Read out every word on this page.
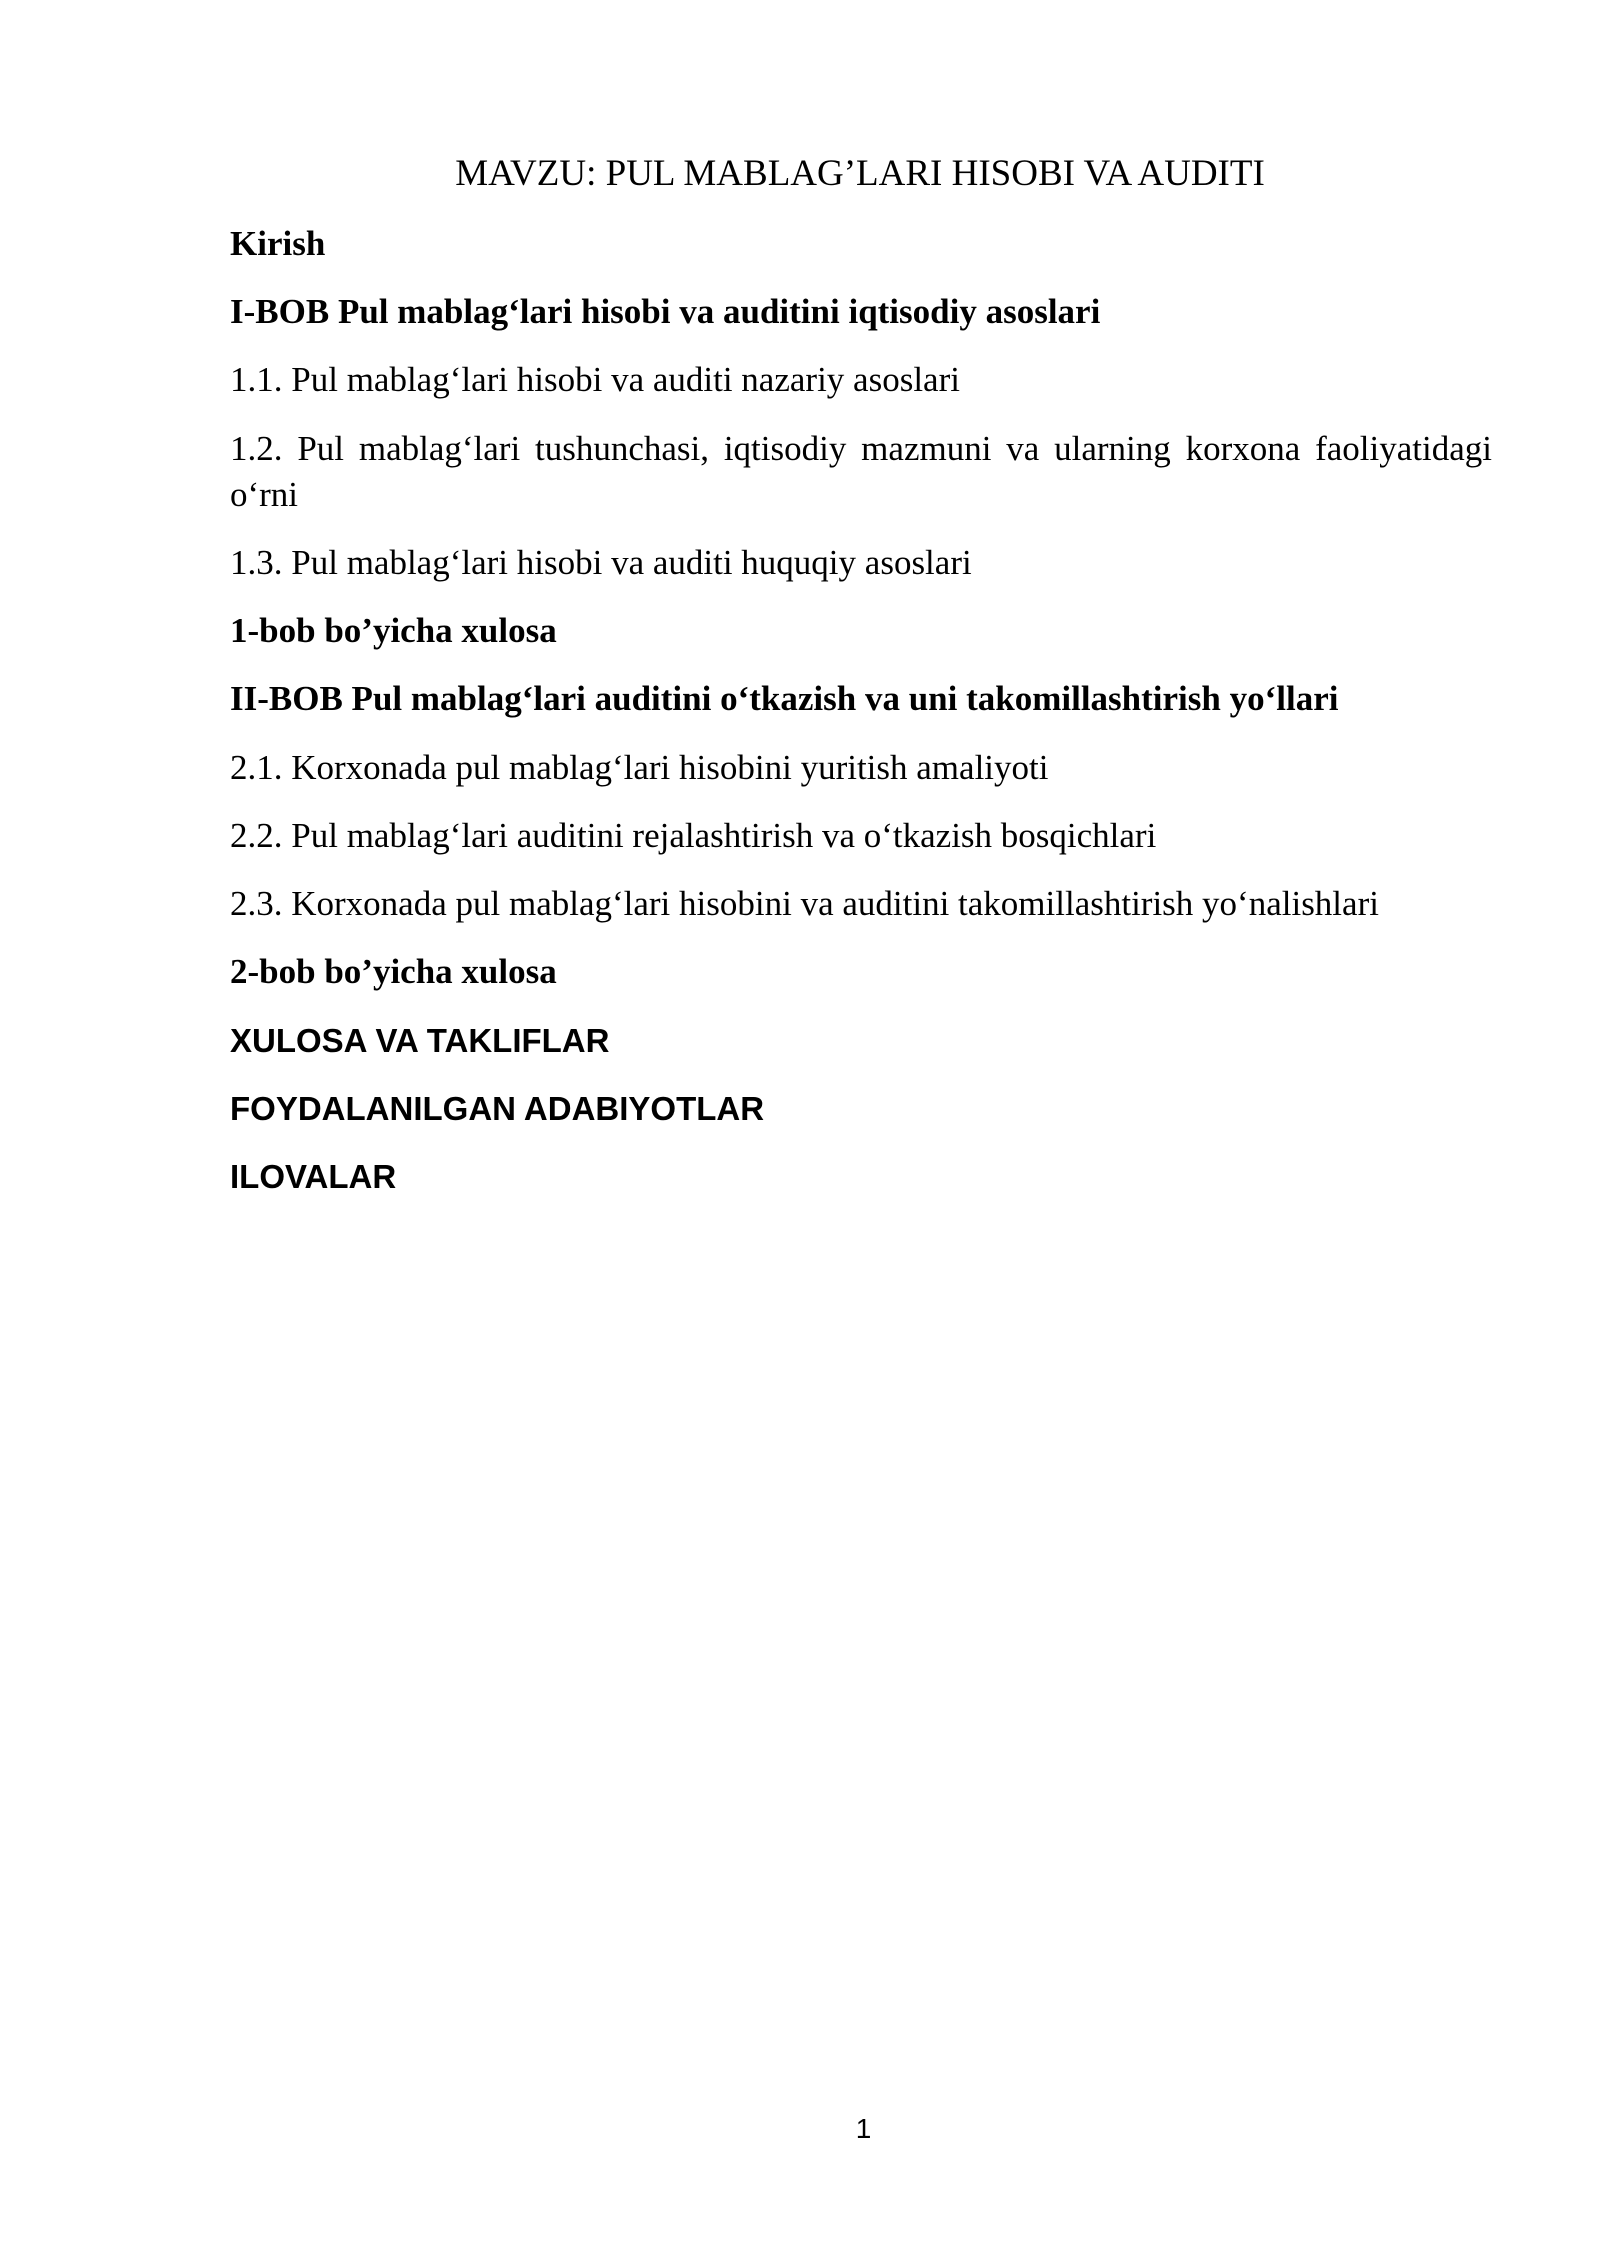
MAVZU: PUL MABLAG’LARI HISOBI VA AUDITI
Kirish
I-BOB Pul mablag‘lari hisobi va auditini iqtisodiy asoslari
1.1. Pul mablag‘lari hisobi va auditi nazariy asoslari
1.2. Pul mablag‘lari tushunchasi, iqtisodiy mazmuni va ularning korxona faoliyatidagi o‘rni
1.3. Pul mablag‘lari hisobi va auditi huquqiy asoslari
1-bob bo’yicha xulosa
II-BOB Pul mablag‘lari auditini o‘tkazish va uni takomillashtirish yo‘llari
2.1. Korxonada pul mablag‘lari hisobini yuritish amaliyoti
2.2. Pul mablag‘lari auditini rejalashtirish va o‘tkazish bosqichlari
2.3. Korxonada pul mablag‘lari hisobini va auditini takomillashtirish yo‘nalishlari
2-bob bo’yicha xulosa
XULOSA VA TAKLIFLAR
FOYDALANILGAN ADABIYOTLAR
ILOVALAR
1
